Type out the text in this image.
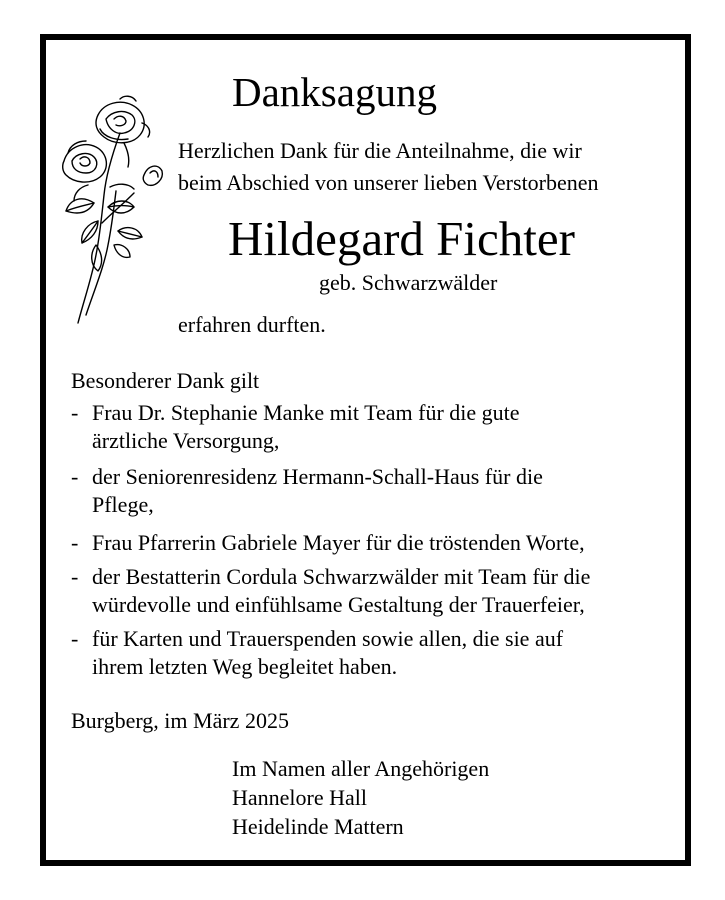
Danksagung
Herzlichen Dank für die Anteilnahme, die wir
beim Abschied von unserer lieben Verstorbenen
Hildegard Fichter
geb. Schwarzwälder
erfahren durften.
Besonderer Dank gilt
- Frau Dr. Stephanie Manke mit Team für die gute
ärztliche Versorgung,
- der Seniorenresidenz Hermann-Schall-Haus für die
Pflege,
- Frau Pfarrerin Gabriele Mayer für die tröstenden Worte,
- der Bestatterin Cordula Schwarzwälder mit Team für die
würdevolle und einfühlsame Gestaltung der Trauerfeier,
- für Karten und Trauerspenden sowie allen, die sie auf
ihrem letzten Weg begleitet haben.
Burgberg, im März 2025
Im Namen aller Angehörigen
Hannelore Hall
Heidelinde Mattern
